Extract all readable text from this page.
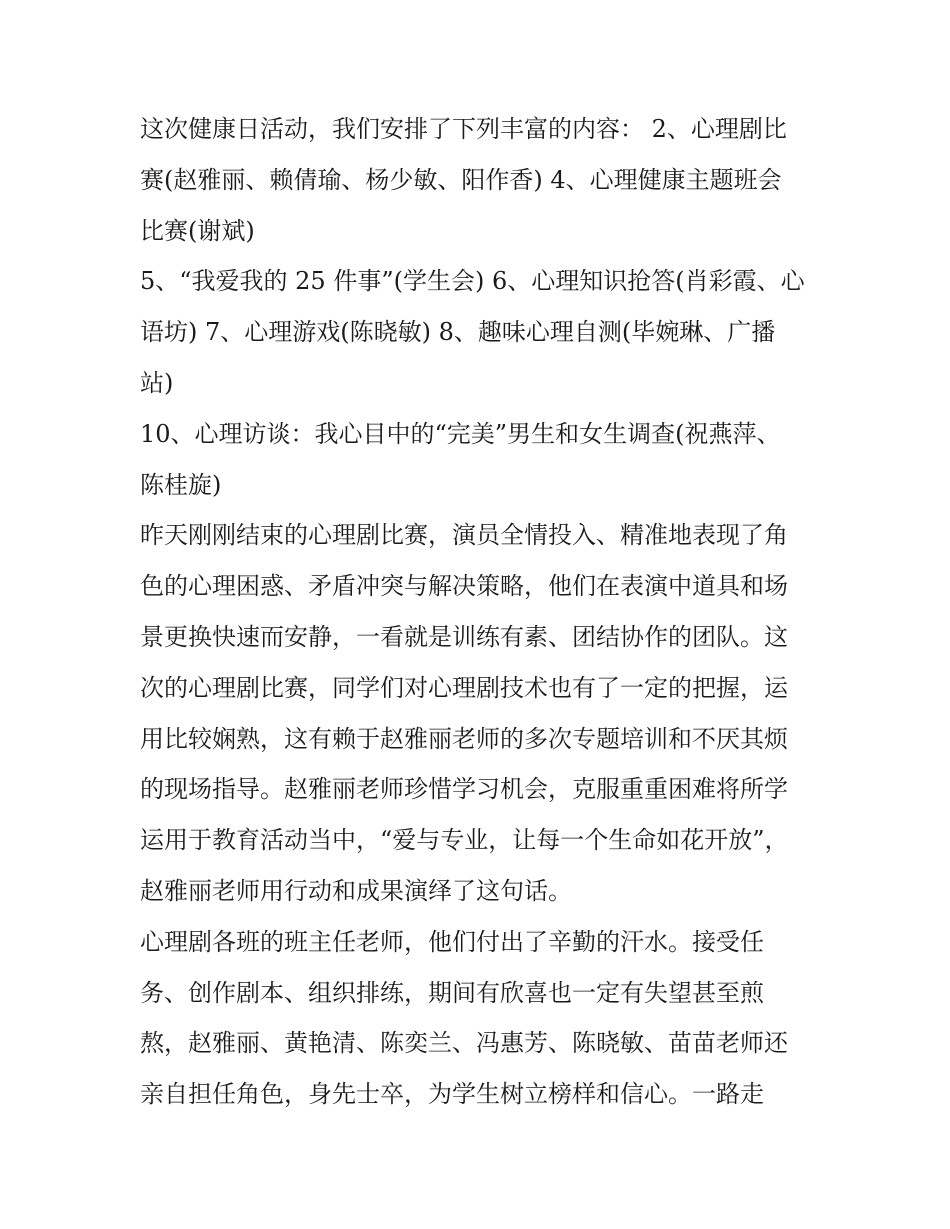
这次健康日活动，我们安排了下列丰富的内容： 2、心理剧比
赛(赵雅丽、赖倩瑜、杨少敏、阳作香) 4、心理健康主题班会
比赛(谢斌)

5、“我爱我的 25 件事”(学生会) 6、心理知识抢答(肖彩霞、心
语坊) 7、心理游戏(陈晓敏) 8、趣味心理自测(毕婉琳、广播
站)

10、心理访谈：我心目中的“完美”男生和女生调查(祝燕萍、
陈桂旋)

昨天刚刚结束的心理剧比赛，演员全情投入、精准地表现了角
色的心理困惑、矛盾冲突与解决策略，他们在表演中道具和场
景更换快速而安静，一看就是训练有素、团结协作的团队。这
次的心理剧比赛，同学们对心理剧技术也有了一定的把握，运
用比较娴熟，这有赖于赵雅丽老师的多次专题培训和不厌其烦
的现场指导。赵雅丽老师珍惜学习机会，克服重重困难将所学
运用于教育活动当中，“爱与专业，让每一个生命如花开放”，
赵雅丽老师用行动和成果演绎了这句话。

心理剧各班的班主任老师，他们付出了辛勤的汗水。接受任
务、创作剧本、组织排练，期间有欣喜也一定有失望甚至煎
熬，赵雅丽、黄艳清、陈奕兰、冯惠芳、陈晓敏、苗苗老师还
亲自担任角色，身先士卒，为学生树立榜样和信心。一路走
